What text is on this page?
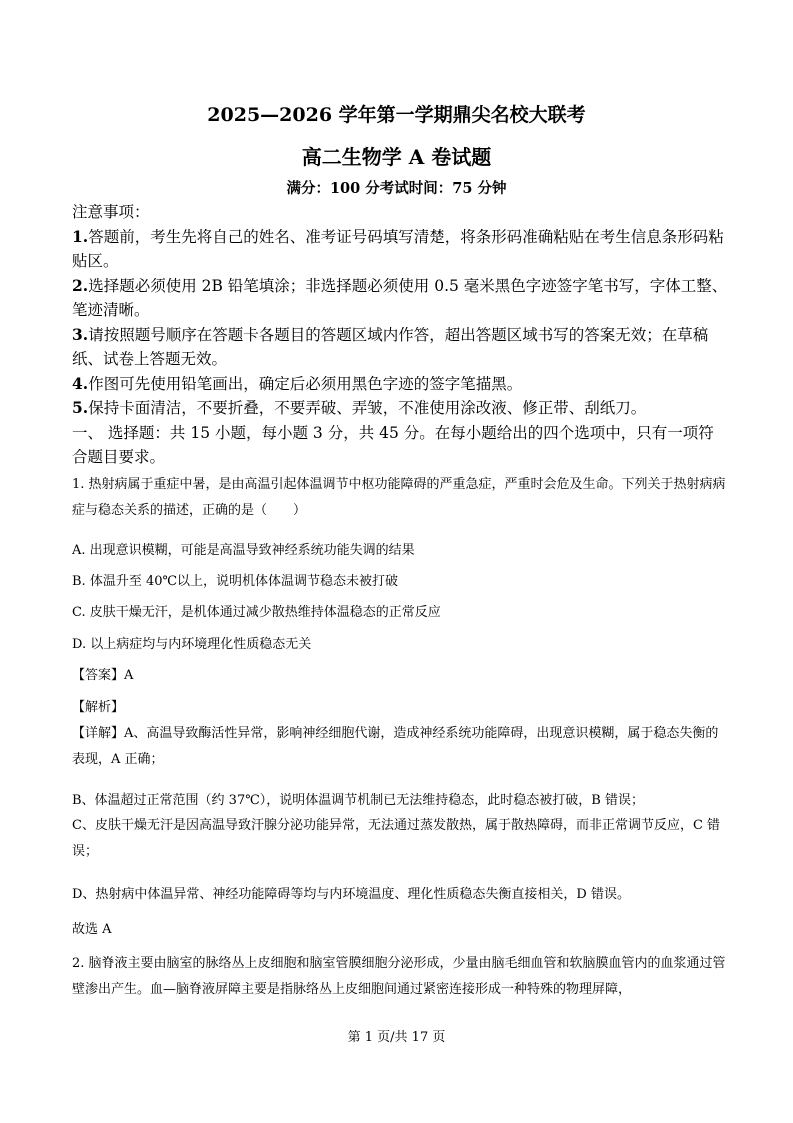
2025—2026 学年第一学期鼎尖名校大联考
高二生物学 A 卷试题
满分：100 分考试时间：75 分钟

注意事项：

1.答题前，考生先将自己的姓名、准考证号码填写清楚，将条形码准确粘贴在考生信息条形码粘贴区。

2.选择题必须使用 2B 铅笔填涂；非选择题必须使用 0.5 毫米黑色字迹签字笔书写，字体工整、笔迹清晰。

3.请按照题号顺序在答题卡各题目的答题区域内作答，超出答题区域书写的答案无效；在草稿纸、试卷上答题无效。

4.作图可先使用铅笔画出，确定后必须用黑色字迹的签字笔描黑。

5.保持卡面清洁，不要折叠，不要弄破、弄皱，不准使用涂改液、修正带、刮纸刀。

一、 选择题：共 15 小题，每小题 3 分，共 45 分。在每小题给出的四个选项中，只有一项符合题目要求。

1. 热射病属于重症中暑，是由高温引起体温调节中枢功能障碍的严重急症，严重时会危及生命。下列关于热射病病症与稳态关系的描述，正确的是（　　）

A. 出现意识模糊，可能是高温导致神经系统功能失调的结果
B. 体温升至 40℃以上，说明机体体温调节稳态未被打破
C. 皮肤干燥无汗，是机体通过减少散热维持体温稳态的正常反应
D. 以上病症均与内环境理化性质稳态无关
【答案】A
【解析】

【详解】A、高温导致酶活性异常，影响神经细胞代谢，造成神经系统功能障碍，出现意识模糊，属于稳态失衡的表现，A 正确；

B、体温超过正常范围（约 37℃），说明体温调节机制已无法维持稳态，此时稳态被打破，B 错误；

C、皮肤干燥无汗是因高温导致汗腺分泌功能异常，无法通过蒸发散热，属于散热障碍，而非正常调节反应，C 错误；

D、热射病中体温异常、神经功能障碍等均与内环境温度、理化性质稳态失衡直接相关，D 错误。
故选 A

2. 脑脊液主要由脑室的脉络丛上皮细胞和脑室管膜细胞分泌形成，少量由脑毛细血管和软脑膜血管内的血浆通过管壁渗出产生。血—脑脊液屏障主要是指脉络丛上皮细胞间通过紧密连接形成一种特殊的物理屏障，

第 1 页/共 17 页
